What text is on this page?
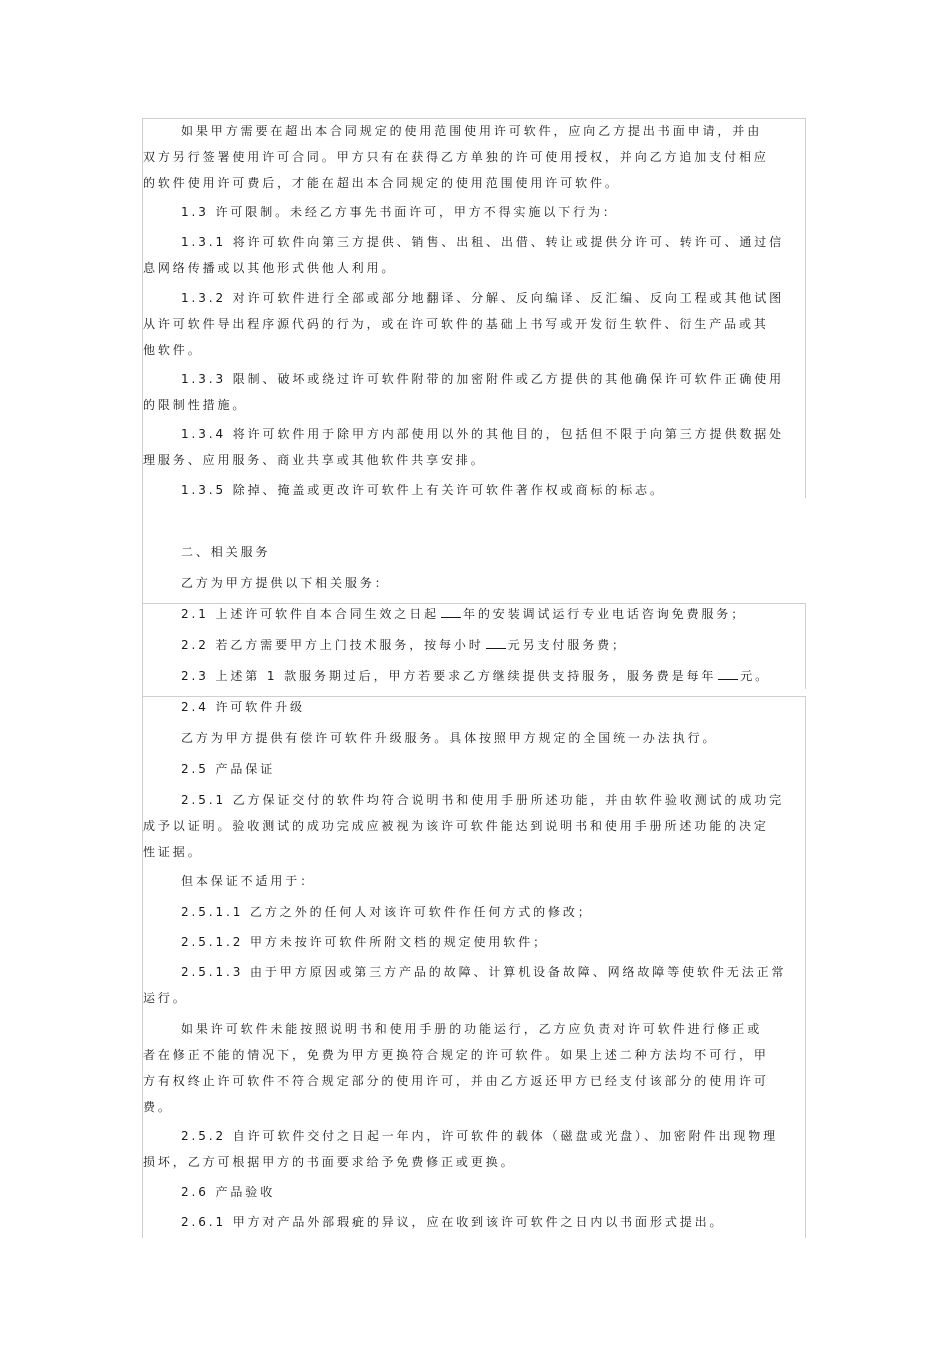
如果甲方需要在超出本合同规定的使用范围使用许可软件，应向乙方提出书面申请，并由
双方另行签署使用许可合同。甲方只有在获得乙方单独的许可使用授权，并向乙方追加支付相应
的软件使用许可费后，才能在超出本合同规定的使用范围使用许可软件。

1.3 许可限制。未经乙方事先书面许可，甲方不得实施以下行为：

1.3.1 将许可软件向第三方提供、销售、出租、出借、转让或提供分许可、转许可、通过信
息网络传播或以其他形式供他人利用。

1.3.2 对许可软件进行全部或部分地翻译、分解、反向编译、反汇编、反向工程或其他试图
从许可软件导出程序源代码的行为，或在许可软件的基础上书写或开发衍生软件、衍生产品或其
他软件。

1.3.3 限制、破坏或绕过许可软件附带的加密附件或乙方提供的其他确保许可软件正确使用
的限制性措施。

1.3.4 将许可软件用于除甲方内部使用以外的其他目的，包括但不限于向第三方提供数据处
理服务、应用服务、商业共享或其他软件共享安排。

1.3.5 除掉、掩盖或更改许可软件上有关许可软件著作权或商标的标志。

二、相关服务

乙方为甲方提供以下相关服务：

2.1 上述许可软件自本合同生效之日起 年的安装调试运行专业电话咨询免费服务；

2.2 若乙方需要甲方上门技术服务，按每小时 元另支付服务费；

2.3 上述第 1 款服务期过后，甲方若要求乙方继续提供支持服务，服务费是每年 元。

2.4 许可软件升级

乙方为甲方提供有偿许可软件升级服务。具体按照甲方规定的全国统一办法执行。

2.5 产品保证

2.5.1 乙方保证交付的软件均符合说明书和使用手册所述功能，并由软件验收测试的成功完
成予以证明。验收测试的成功完成应被视为该许可软件能达到说明书和使用手册所述功能的决定
性证据。

但本保证不适用于：

2.5.1.1 乙方之外的任何人对该许可软件作任何方式的修改；

2.5.1.2 甲方未按许可软件所附文档的规定使用软件；

2.5.1.3 由于甲方原因或第三方产品的故障、计算机设备故障、网络故障等使软件无法正常
运行。

如果许可软件未能按照说明书和使用手册的功能运行，乙方应负责对许可软件进行修正或
者在修正不能的情况下，免费为甲方更换符合规定的许可软件。如果上述二种方法均不可行，甲
方有权终止许可软件不符合规定部分的使用许可，并由乙方返还甲方已经支付该部分的使用许可
费。

2.5.2 自许可软件交付之日起一年内，许可软件的载体（磁盘或光盘）、加密附件出现物理
损坏，乙方可根据甲方的书面要求给予免费修正或更换。

2.6 产品验收

2.6.1 甲方对产品外部瑕疵的异议，应在收到该许可软件之日内以书面形式提出。
